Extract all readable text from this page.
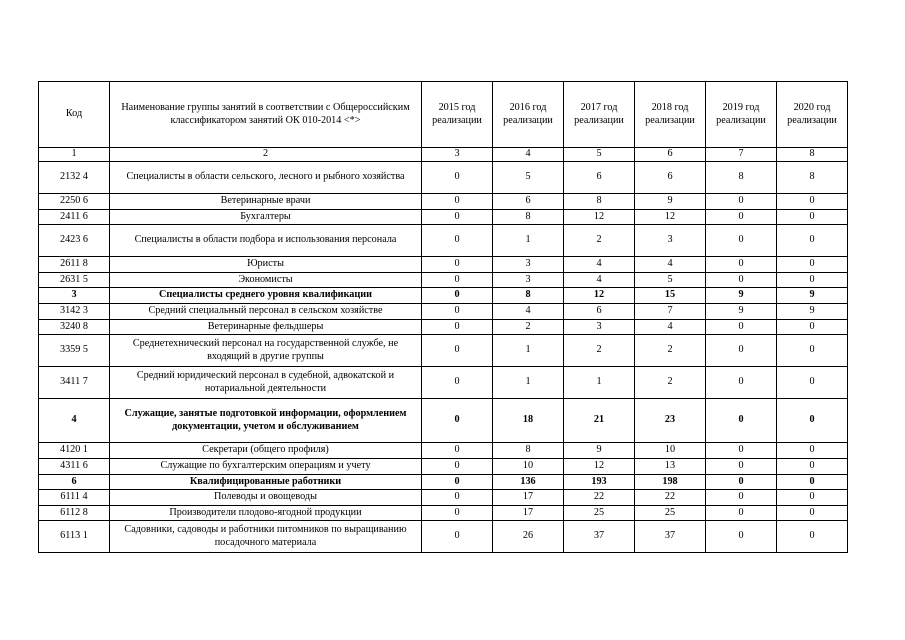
Код	Наименование группы занятий в соответствии с Общероссийским классификатором занятий ОК 010-2014 <*>	2015 год реализации	2016 год реализации	2017 год реализации	2018 год реализации	2019 год реализации	2020 год реализации
1	2	3	4	5	6	7	8
2132 4	Специалисты в области сельского, лесного и рыбного хозяйства	0	5	6	6	8	8
2250 6	Ветеринарные врачи	0	6	8	9	0	0
2411 6	Бухгалтеры	0	8	12	12	0	0
2423 6	Специалисты в области подбора и использования персонала	0	1	2	3	0	0
2611 8	Юристы	0	3	4	4	0	0
2631 5	Экономисты	0	3	4	5	0	0
3	Специалисты среднего уровня квалификации	0	8	12	15	9	9
3142 3	Средний специальный персонал в сельском хозяйстве	0	4	6	7	9	9
3240 8	Ветеринарные фельдшеры	0	2	3	4	0	0
3359 5	Среднетехнический персонал на государственной службе, не входящий в другие группы	0	1	2	2	0	0
3411 7	Средний юридический персонал в судебной, адвокатской и нотариальной деятельности	0	1	1	2	0	0
4	Служащие, занятые подготовкой информации, оформлением документации, учетом и обслуживанием	0	18	21	23	0	0
4120 1	Секретари (общего профиля)	0	8	9	10	0	0
4311 6	Служащие по бухгалтерским операциям и учету	0	10	12	13	0	0
6	Квалифицированные работники	0	136	193	198	0	0
6111 4	Полеводы и овощеводы	0	17	22	22	0	0
6112 8	Производители плодово-ягодной продукции	0	17	25	25	0	0
6113 1	Садовники, садоводы и работники питомников по выращиванию посадочного материала	0	26	37	37	0	0
